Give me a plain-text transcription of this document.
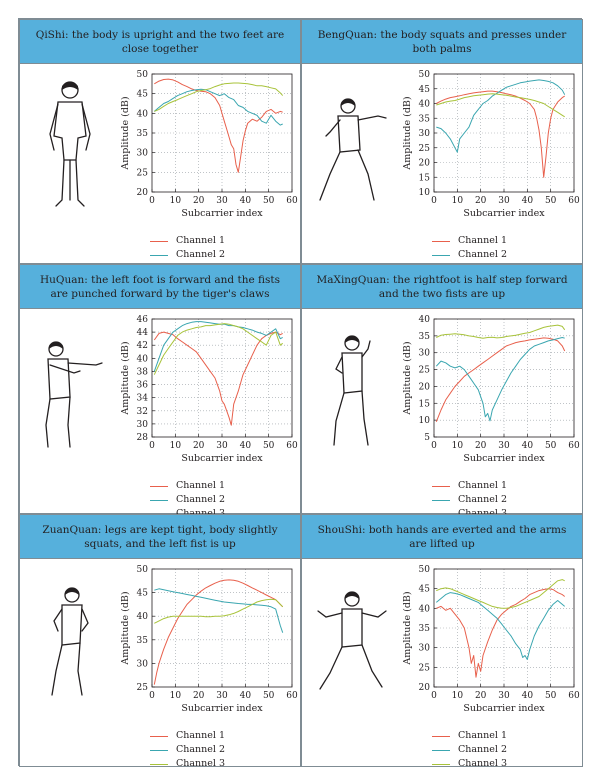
QiShi: the body is upright and the two feet are close together
0 10 20 30 40 50 60
20
25
30
35
40
45
50
Subcarrier index
Amplitude (dB)
Channel 1
Channel 2
BengQuan: the body squats and presses under both palms
0 10 20 30 40 50 60
10
15
20
25
30
35
40
45
50
Subcarrier index
Amplitude (dB)
Channel 1
Channel 2
HuQuan: the left foot is forward and the fists are punched forward by the tiger's claws
0 10 20 30 40 50 60
28
30
32
34
36
38
40
42
44
46
Subcarrier index
Amplitude (dB)
Channel 1
Channel 2
MaXingQuan: the rightfoot is half step forward and the two fists are up
0 10 20 30 40 50 60
5
10
15
20
25
30
35
40
Subcarrier index
Amplitude (dB)
Channel 1
Channel 2
ZuanQuan: legs are kept tight, body slightly squats, and the left fist is up
0 10 20 30 40 50 60
25
30
35
40
45
50
Subcarrier index
Amplitude (dB)
Channel 1
Channel 2
Channel 3
ShouShi: both hands are everted and the arms are lifted up
0 10 20 30 40 50 60
20
25
30
35
40
45
50
Subcarrier index
Amplitude (dB)
Channel 1
Channel 2
Channel 3
